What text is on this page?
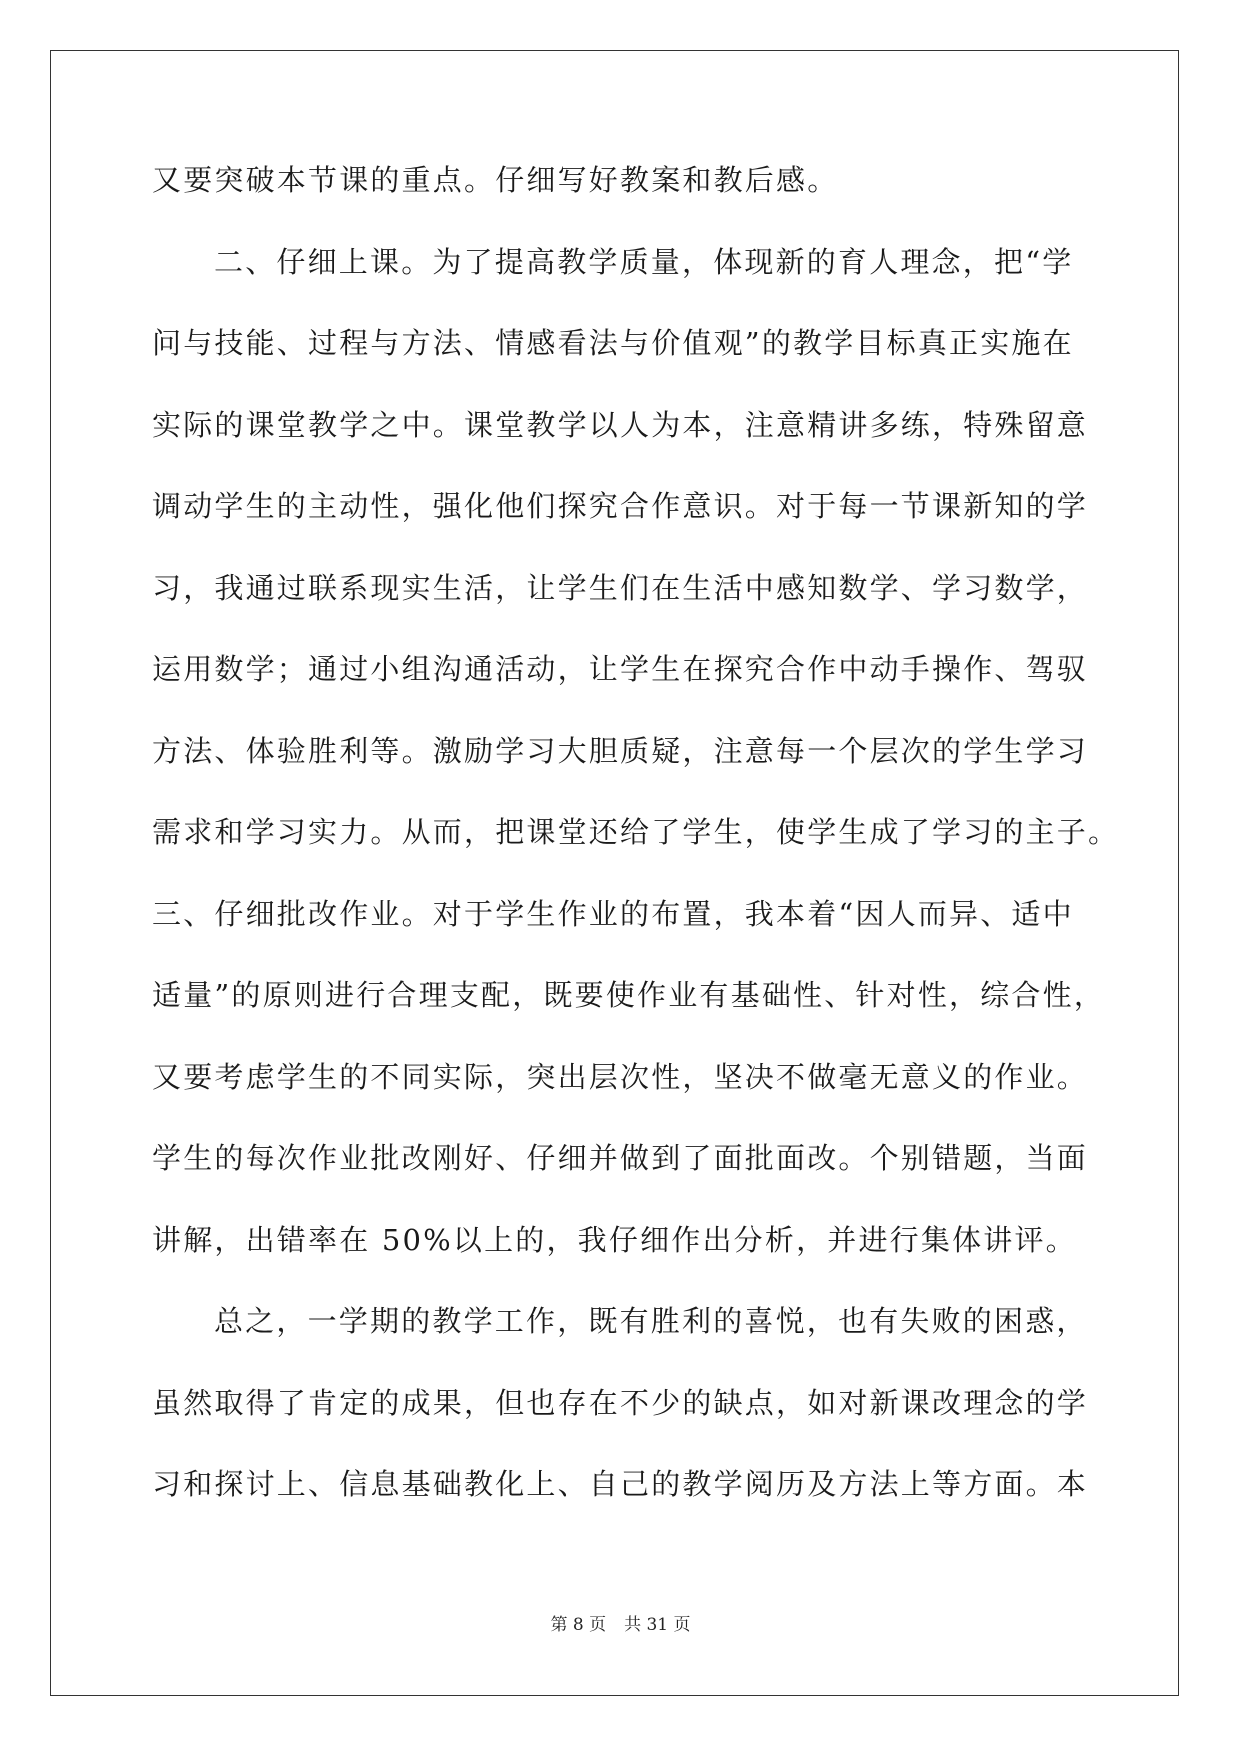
又要突破本节课的重点。仔细写好教案和教后感。
二、仔细上课。为了提高教学质量，体现新的育人理念，把“学
问与技能、过程与方法、情感看法与价值观”的教学目标真正实施在
实际的课堂教学之中。课堂教学以人为本，注意精讲多练，特殊留意
调动学生的主动性，强化他们探究合作意识。对于每一节课新知的学
习，我通过联系现实生活，让学生们在生活中感知数学、学习数学，
运用数学；通过小组沟通活动，让学生在探究合作中动手操作、驾驭
方法、体验胜利等。激励学习大胆质疑，注意每一个层次的学生学习
需求和学习实力。从而，把课堂还给了学生，使学生成了学习的主子。
三、仔细批改作业。对于学生作业的布置，我本着“因人而异、适中
适量”的原则进行合理支配，既要使作业有基础性、针对性，综合性，
又要考虑学生的不同实际，突出层次性，坚决不做毫无意义的作业。
学生的每次作业批改刚好、仔细并做到了面批面改。个别错题，当面
讲解，出错率在 50%以上的，我仔细作出分析，并进行集体讲评。
总之，一学期的教学工作，既有胜利的喜悦，也有失败的困惑，
虽然取得了肯定的成果，但也存在不少的缺点，如对新课改理念的学
习和探讨上、信息基础教化上、自己的教学阅历及方法上等方面。本
第 8 页 共 31 页
